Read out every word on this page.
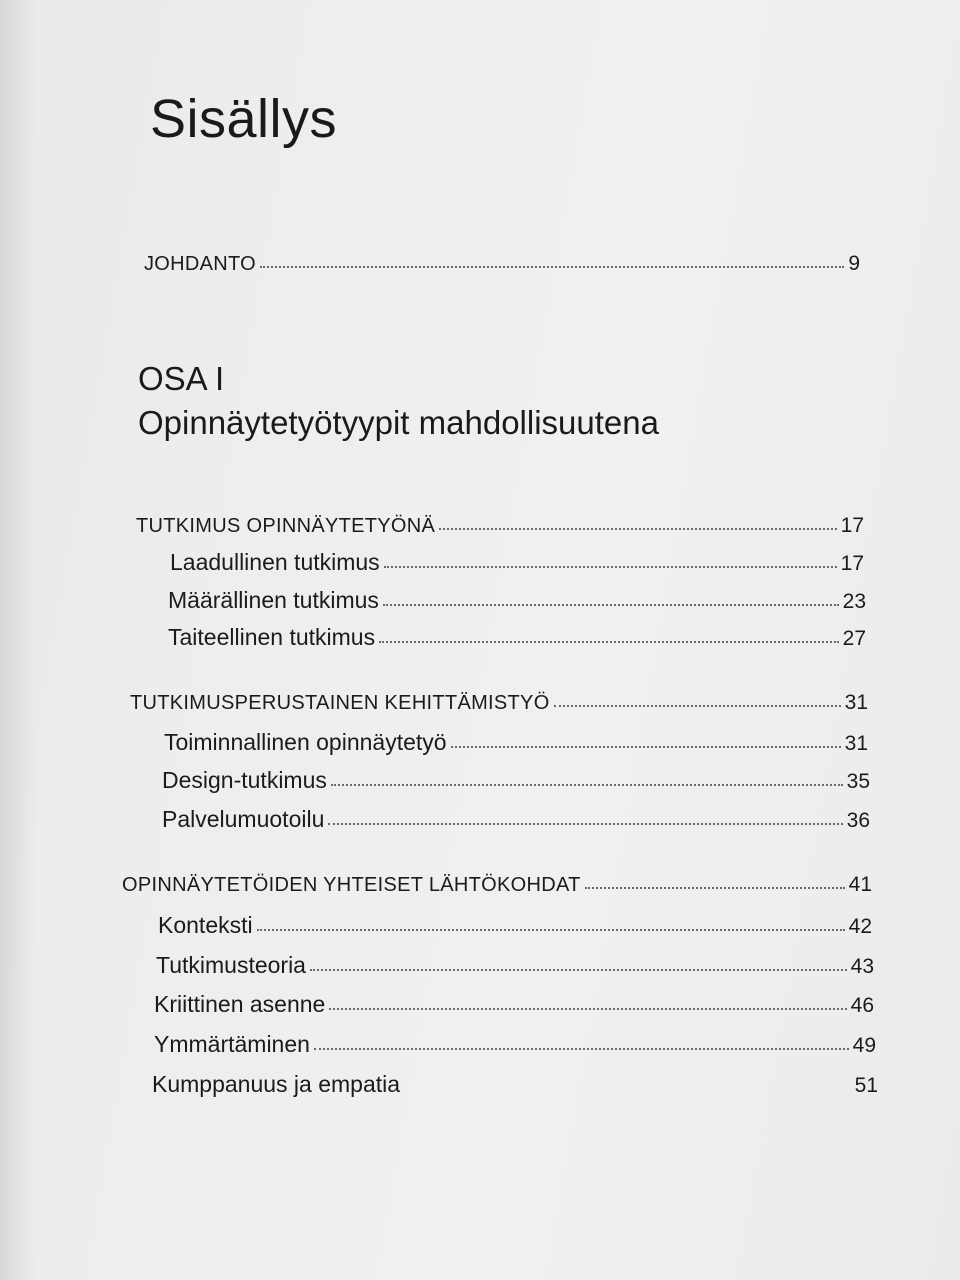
Sisällys
JOHDANTO	9
OSA I
Opinnäytetyötyypit mahdollisuutena
TUTKIMUS OPINNÄYTETYÖNÄ	17
Laadullinen tutkimus	17
Määrällinen tutkimus	23
Taiteellinen tutkimus	27
TUTKIMUSPERUSTAINEN KEHITTÄMISTYÖ	31
Toiminnallinen opinnäytetyö	31
Design-tutkimus	35
Palvelumuotoilu	36
OPINNÄYTETÖIDEN YHTEISET LÄHTÖKOHDAT	41
Konteksti	42
Tutkimusteoria	43
Kriittinen asenne	46
Ymmärtäminen	49
Kumppanuus ja empatia	51
